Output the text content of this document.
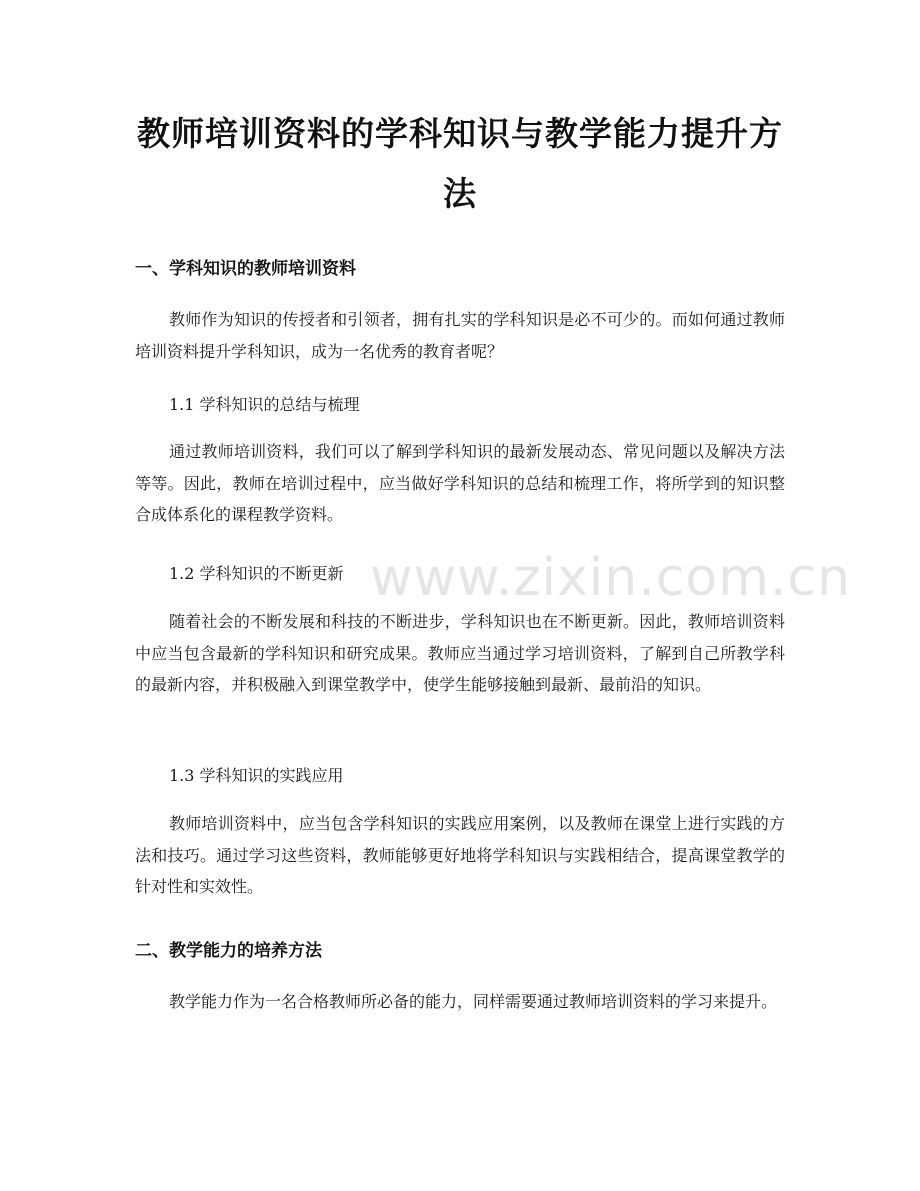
教师培训资料的学科知识与教学能力提升方法
一、学科知识的教师培训资料

教师作为知识的传授者和引领者，拥有扎实的学科知识是必不可少的。而如何通过教师培训资料提升学科知识，成为一名优秀的教育者呢？

1.1 学科知识的总结与梳理

通过教师培训资料，我们可以了解到学科知识的最新发展动态、常见问题以及解决方法等等。因此，教师在培训过程中，应当做好学科知识的总结和梳理工作，将所学到的知识整合成体系化的课程教学资料。

1.2 学科知识的不断更新

随着社会的不断发展和科技的不断进步，学科知识也在不断更新。因此，教师培训资料中应当包含最新的学科知识和研究成果。教师应当通过学习培训资料，了解到自己所教学科的最新内容，并积极融入到课堂教学中，使学生能够接触到最新、最前沿的知识。

1.3 学科知识的实践应用

教师培训资料中，应当包含学科知识的实践应用案例，以及教师在课堂上进行实践的方法和技巧。通过学习这些资料，教师能够更好地将学科知识与实践相结合，提高课堂教学的针对性和实效性。

二、教学能力的培养方法

教学能力作为一名合格教师所必备的能力，同样需要通过教师培训资料的学习来提升。

www.zixin.com.cn
